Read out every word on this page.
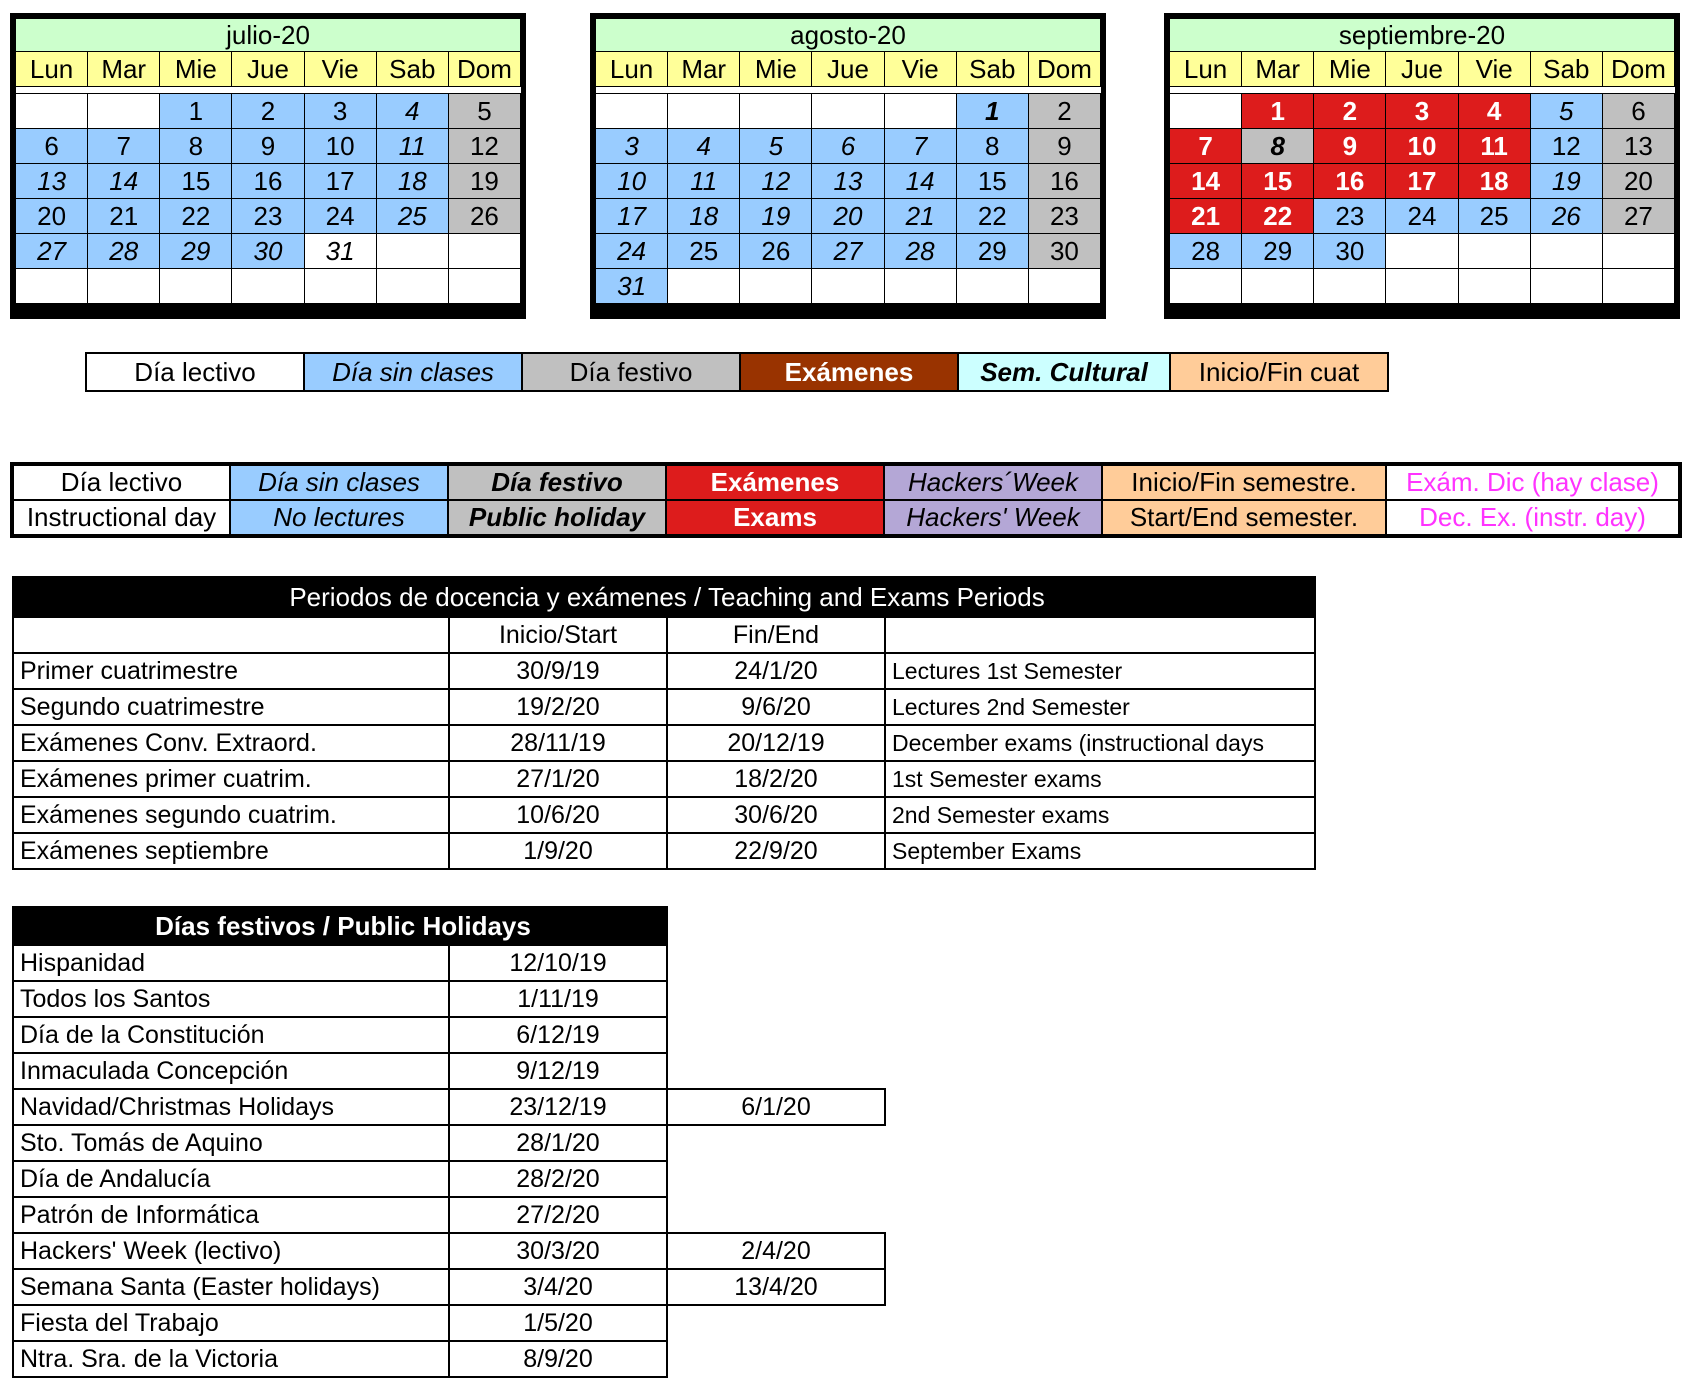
julio-20						
Lun	Mar	Mie	Jue	Vie	Sab	Dom

		1	2	3	4	5
6	7	8	9	10	11	12
13	14	15	16	17	18	19
20	21	22	23	24	25	26
27	28	29	30	31		

agosto-20						
Lun	Mar	Mie	Jue	Vie	Sab	Dom

					1	2
3	4	5	6	7	8	9
10	11	12	13	14	15	16
17	18	19	20	21	22	23
24	25	26	27	28	29	30
31						
septiembre-20						
Lun	Mar	Mie	Jue	Vie	Sab	Dom

	1	2	3	4	5	6
7	8	9	10	11	12	13
14	15	16	17	18	19	20
21	22	23	24	25	26	27
28	29	30				

Día lectivo	Día sin clases	Día festivo	Exámenes	Sem. Cultural	Inicio/Fin cuat
Día lectivo	Día sin clases	Día festivo	Exámenes	Hackers´Week	Inicio/Fin semestre.	Exám. Dic (hay clase)
Instructional day	No lectures	Public holiday	Exams	Hackers' Week	Start/End semester.	Dec. Ex. (instr. day)
Periodos de docencia y exámenes / Teaching and Exams Periods			
	Inicio/Start	Fin/End	
Primer cuatrimestre	30/9/19	24/1/20	Lectures 1st Semester
Segundo cuatrimestre	19/2/20	9/6/20	Lectures 2nd Semester
Exámenes Conv. Extraord.	28/11/19	20/12/19	December exams (instructional days
Exámenes primer cuatrim.	27/1/20	18/2/20	1st Semester exams
Exámenes segundo cuatrim.	10/6/20	30/6/20	2nd Semester exams
Exámenes septiembre	1/9/20	22/9/20	September Exams
Días festivos / Public Holidays		
Hispanidad	12/10/19	
Todos los Santos	1/11/19	
Día de la Constitución	6/12/19	
Inmaculada Concepción	9/12/19	
Navidad/Christmas Holidays	23/12/19	6/1/20
Sto. Tomás de Aquino	28/1/20	
Día de Andalucía	28/2/20	
Patrón de Informática	27/2/20	
Hackers' Week (lectivo)	30/3/20	2/4/20
Semana Santa (Easter holidays)	3/4/20	13/4/20
Fiesta del Trabajo	1/5/20	
Ntra. Sra. de la Victoria	8/9/20	
